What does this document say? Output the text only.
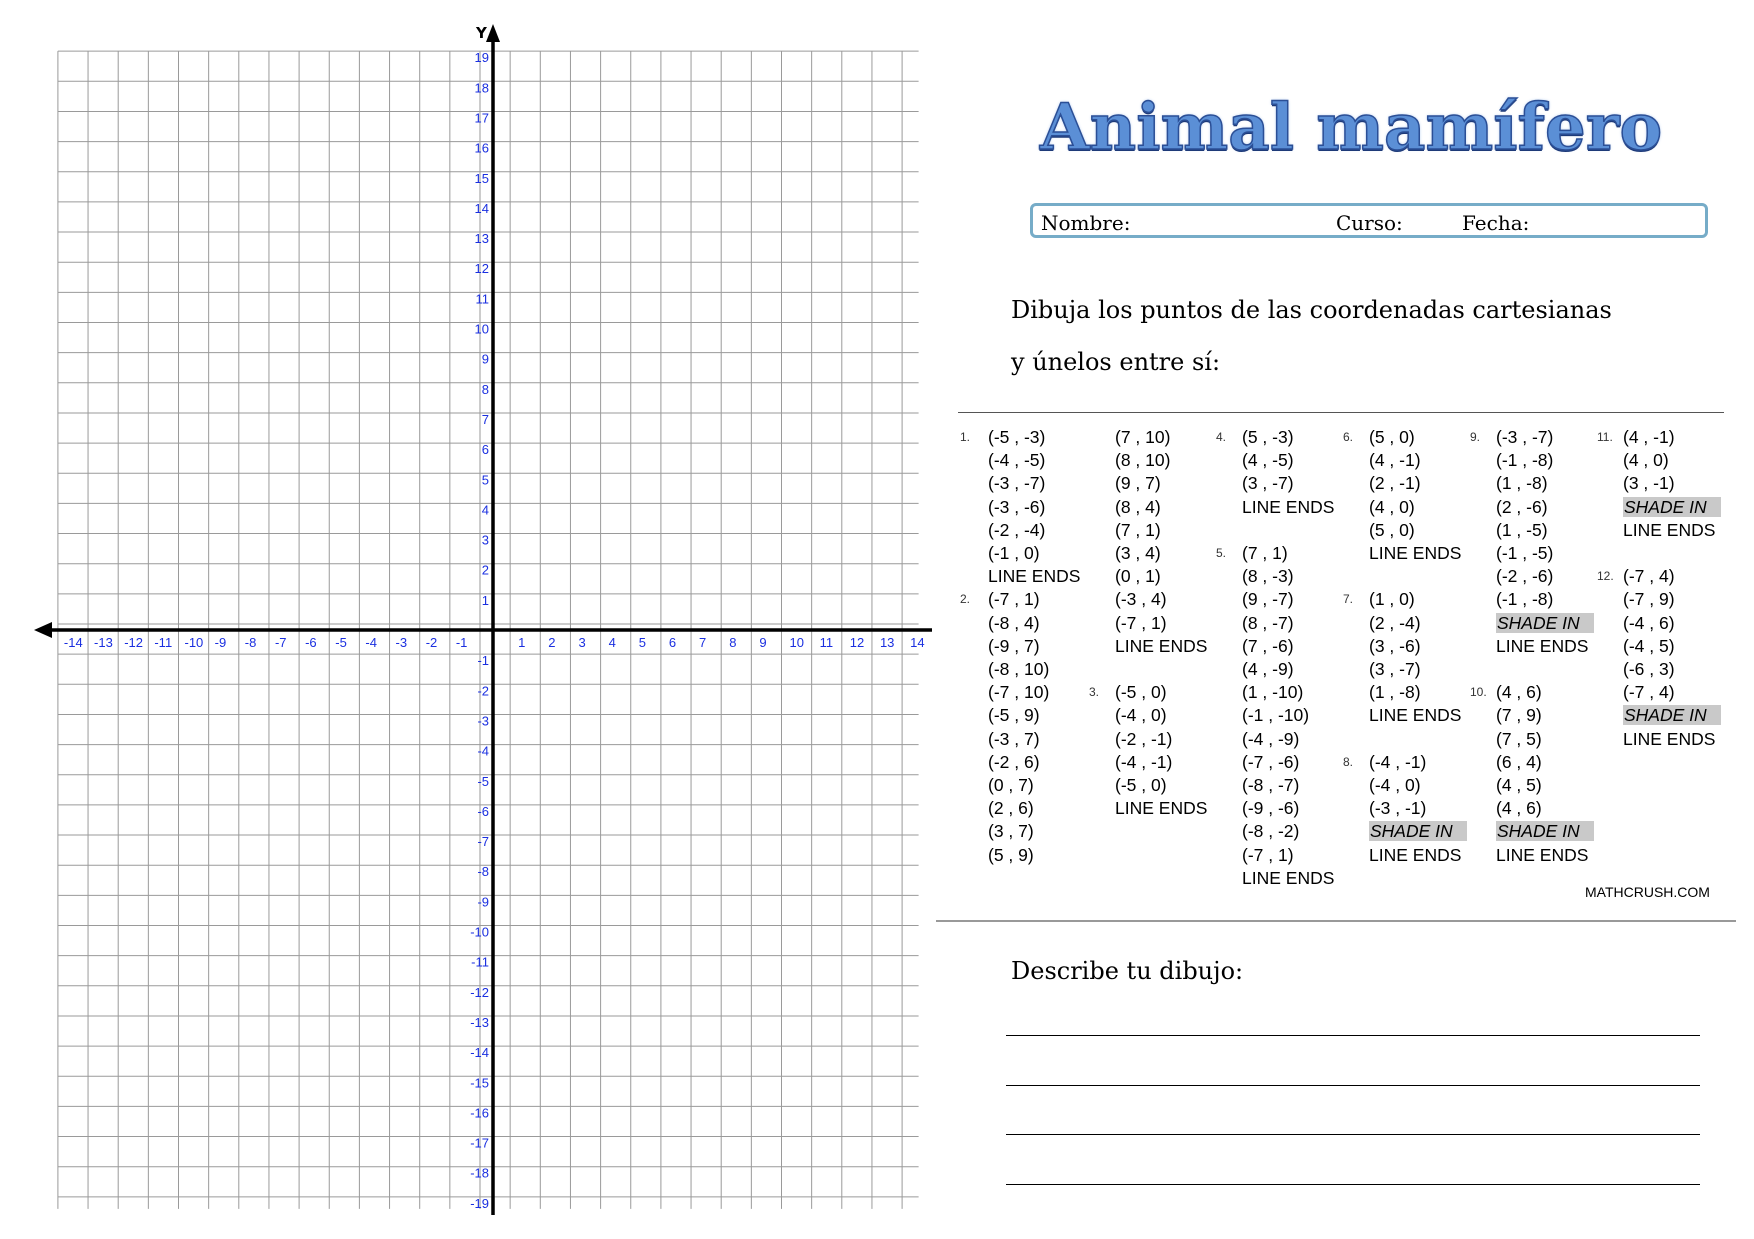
Y
-14 -13 -12 -11 -10 -9 -8 -7 -6 -5 -4 -3 -2 -1	1 2 3 4 5 6 7 8 9 10 11 12 13 14
-19
-18
-17
-16
-15
-14
-13
-12
-11
-10
-9
-8
-7
-6
-5
-4
-3
-2
-1
1
2
3
4
5
6
7
8
9
10
11
12
13
14
15
16
17
18
19
Animal mamífero
Nombre:	Curso:	Fecha:
Dibuja los puntos de las coordenadas cartesianas
y únelos entre sí:
1. (-5 , -3)
(-4 , -5)
(-3 , -7)
(-3 , -6)
(-2 , -4)
(-1 , 0)
LINE ENDS
2. (-7 , 1)
(-8 , 4)
(-9 , 7)
(-8 , 10)
(-7 , 10)
(-5 , 9)
(-3 , 7)
(-2 , 6)
(0 , 7)
(2 , 6)
(3 , 7)
(5 , 9)
(7 , 10)
(8 , 10)
(9 , 7)
(8 , 4)
(7 , 1)
(3 , 4)
(0 , 1)
(-3 , 4)
(-7 , 1)
LINE ENDS
3. (-5 , 0)
(-4 , 0)
(-2 , -1)
(-4 , -1)
(-5 , 0)
LINE ENDS
4. (5 , -3)
(4 , -5)
(3 , -7)
LINE ENDS
5. (7 , 1)
(8 , -3)
(9 , -7)
(8 , -7)
(7 , -6)
(4 , -9)
(1 , -10)
(-1 , -10)
(-4 , -9)
(-7 , -6)
(-8 , -7)
(-9 , -6)
(-8 , -2)
(-7 , 1)
LINE ENDS
6. (5 , 0)
(4 , -1)
(2 , -1)
(4 , 0)
(5 , 0)
LINE ENDS
7. (1 , 0)
(2 , -4)
(3 , -6)
(3 , -7)
(1 , -8)
LINE ENDS
8. (-4 , -1)
(-4 , 0)
(-3 , -1)
SHADE IN
LINE ENDS
9. (-3 , -7)
(-1 , -8)
(1 , -8)
(2 , -6)
(1 , -5)
(-1 , -5)
(-2 , -6)
(-1 , -8)
SHADE IN
LINE ENDS
10. (4 , 6)
(7 , 9)
(7 , 5)
(6 , 4)
(4 , 5)
(4 , 6)
SHADE IN
LINE ENDS
11. (4 , -1)
(4 , 0)
(3 , -1)
SHADE IN
LINE ENDS
12. (-7 , 4)
(-7 , 9)
(-4 , 6)
(-4 , 5)
(-6 , 3)
(-7 , 4)
SHADE IN
LINE ENDS
MATHCRUSH.COM
Describe tu dibujo:
